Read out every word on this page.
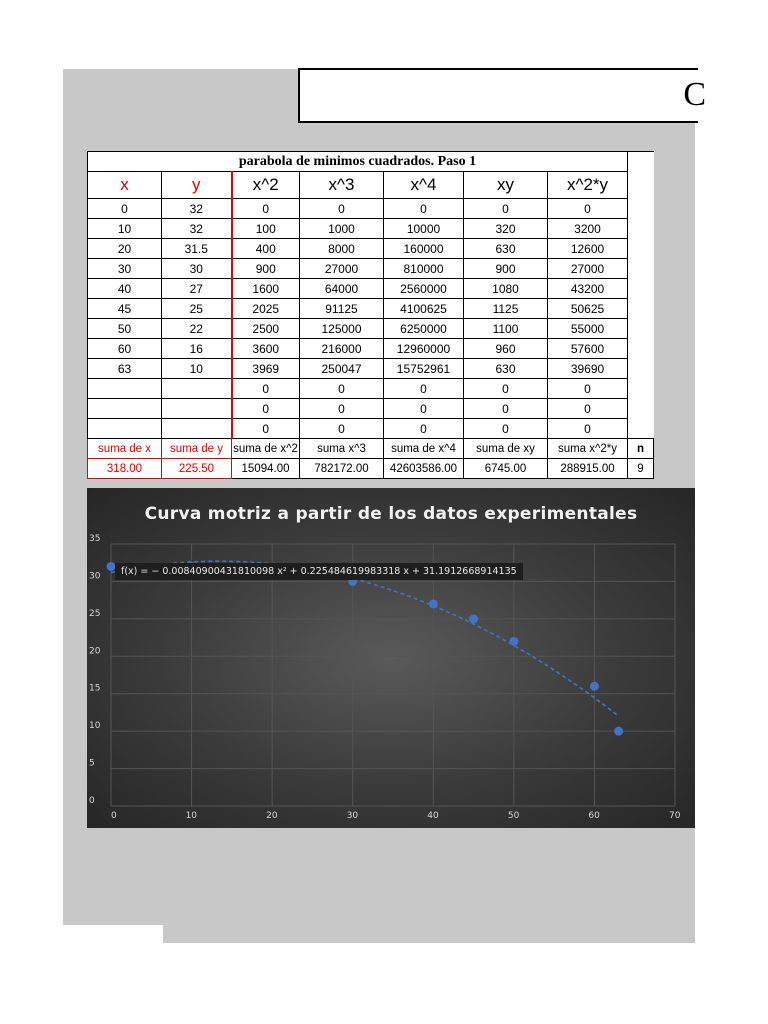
C
parabola de minimos cuadrados. Paso 1							
x	y	x^2	x^3	x^4	xy	x^2*y	
0	32	0	0	0	0	0	
10	32	100	1000	10000	320	3200	
20	31.5	400	8000	160000	630	12600	
30	30	900	27000	810000	900	27000	
40	27	1600	64000	2560000	1080	43200	
45	25	2025	91125	4100625	1125	50625	
50	22	2500	125000	6250000	1100	55000	
60	16	3600	216000	12960000	960	57600	
63	10	3969	250047	15752961	630	39690	
		0	0	0	0	0	
		0	0	0	0	0	
		0	0	0	0	0	
suma de x	suma de y	suma de x^2	suma x^3	suma de x^4	suma de xy	suma x^2*y	n
318.00	225.50	15094.00	782172.00	42603586.00	6745.00	288915.00	9
Curva motriz a partir de los datos experimentales
0
5
10
15
20
25
30
35
0	10	20	30	40	50	60	70
f(x) = − 0.00840900431810098 x² + 0.225484619983318 x + 31.1912668914135
